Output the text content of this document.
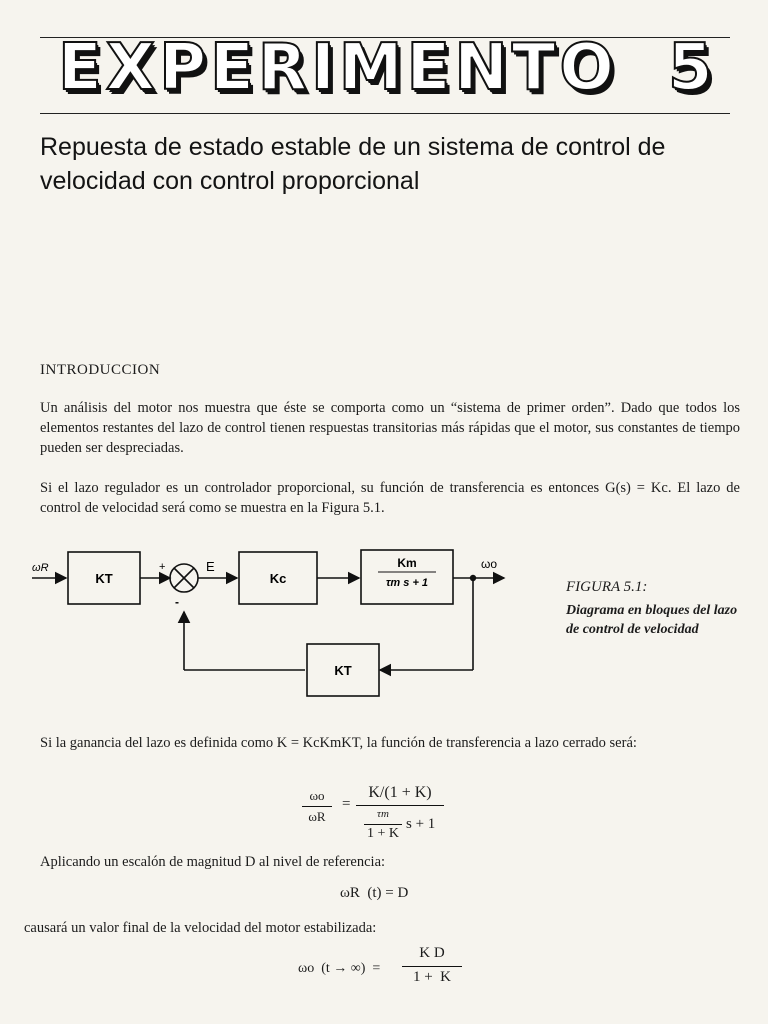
EXPERIMENTO 5
Repuesta de estado estable de un sistema de control de velocidad con control proporcional
INTRODUCCION
Un análisis del motor nos muestra que éste se comporta como un “sistema de primer orden”. Dado que todos los elementos restantes del lazo de control tienen respuestas transitorias más rápidas que el motor, sus constantes de tiempo pueden ser despreciadas.
Si el lazo regulador es un controlador proporcional, su función de transferencia es entonces G(s) = Kc. El lazo de control de velocidad será como se muestra en la Figura 5.1.
ωR
KT
+
-
E
Kc
Km
τm s + 1
ωo
KT
FIGURA 5.1:
Diagrama en bloques del lazo de control de velocidad
Si la ganancia del lazo es definida como K = KcKmKT, la función de transferencia a lazo cerrado será:
ωo
ωR
=
K/(1 + K)
τm
1 + K
s + 1
Aplicando un escalón de magnitud D al nivel de referencia:
ωR  (t) = D
causará un valor final de la velocidad del motor estabilizada:
ωo  (t → ∞)  =
K D
1 +  K
